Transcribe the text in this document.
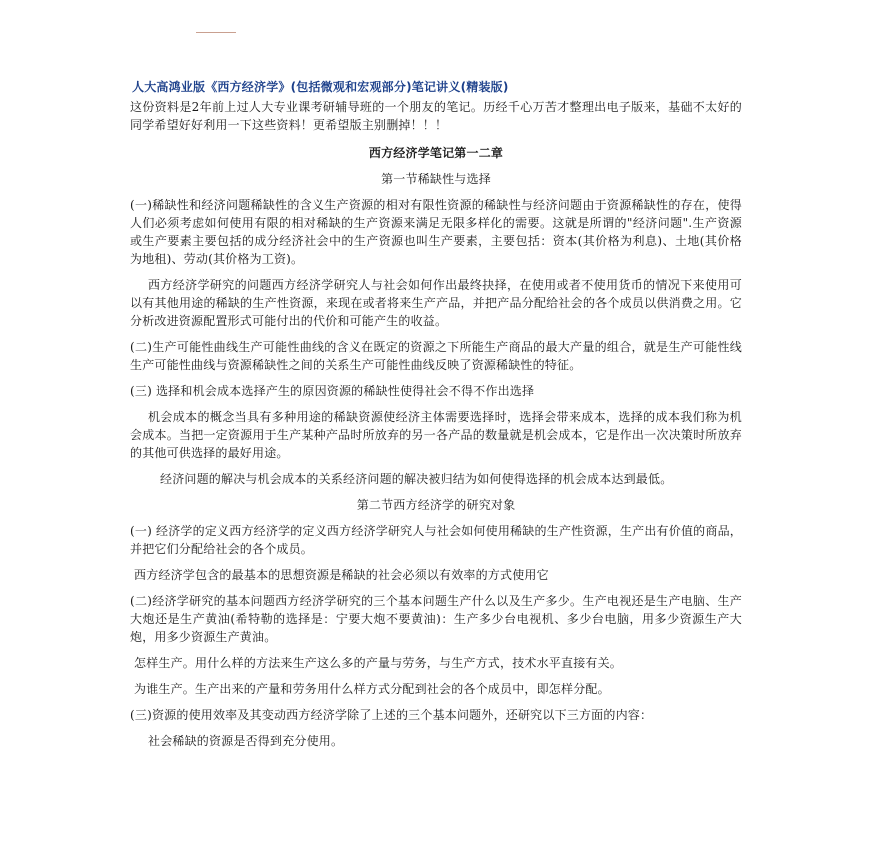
人大高鸿业版《西方经济学》(包括微观和宏观部分)笔记讲义(精装版)

这份资料是2年前上过人大专业课考研辅导班的一个朋友的笔记。历经千心万苦才整理出电子版来，基础不太好的同学希望好好利用一下这些资料！更希望版主别删掉！！！

西方经济学笔记第一二章
第一节稀缺性与选择

(一)稀缺性和经济问题稀缺性的含义生产资源的相对有限性资源的稀缺性与经济问题由于资源稀缺性的存在，使得人们必须考虑如何使用有限的相对稀缺的生产资源来满足无限多样化的需要。这就是所谓的"经济问题".生产资源或生产要素主要包括的成分经济社会中的生产资源也叫生产要素，主要包括：资本(其价格为利息)、土地(其价格为地租)、劳动(其价格为工资)。

西方经济学研究的问题西方经济学研究人与社会如何作出最终抉择，在使用或者不使用货币的情况下来使用可以有其他用途的稀缺的生产性资源，来现在或者将来生产产品，并把产品分配给社会的各个成员以供消费之用。它分析改进资源配置形式可能付出的代价和可能产生的收益。

(二)生产可能性曲线生产可能性曲线的含义在既定的资源之下所能生产商品的最大产量的组合，就是生产可能性线　生产可能性曲线与资源稀缺性之间的关系生产可能性曲线反映了资源稀缺性的特征。

(三) 选择和机会成本选择产生的原因资源的稀缺性使得社会不得不作出选择

机会成本的概念当具有多种用途的稀缺资源使经济主体需要选择时，选择会带来成本，选择的成本我们称为机会成本。当把一定资源用于生产某种产品时所放弃的另一各产品的数量就是机会成本，它是作出一次决策时所放弃的其他可供选择的最好用途。

经济问题的解决与机会成本的关系经济问题的解决被归结为如何使得选择的机会成本达到最低。

第二节西方经济学的研究对象

(一) 经济学的定义西方经济学的定义西方经济学研究人与社会如何使用稀缺的生产性资源，生产出有价值的商品，并把它们分配给社会的各个成员。

西方经济学包含的最基本的思想资源是稀缺的社会必须以有效率的方式使用它

(二)经济学研究的基本问题西方经济学研究的三个基本问题生产什么以及生产多少。生产电视还是生产电脑、生产大炮还是生产黄油(希特勒的选择是：宁要大炮不要黄油)：生产多少台电视机、多少台电脑，用多少资源生产大炮，用多少资源生产黄油。

怎样生产。用什么样的方法来生产这么多的产量与劳务，与生产方式，技术水平直接有关。

为谁生产。生产出来的产量和劳务用什么样方式分配到社会的各个成员中，即怎样分配。

(三)资源的使用效率及其变动西方经济学除了上述的三个基本问题外，还研究以下三方面的内容：

社会稀缺的资源是否得到充分使用。
